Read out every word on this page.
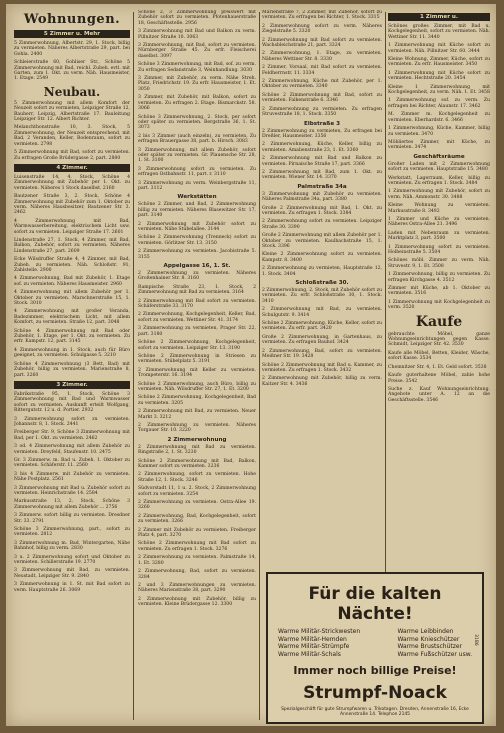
Wohnungen.
5 Zimmer u. Mehr
5 Zimmerwohnung, Albertstr. 29, 1. Stock, billig zu vermieten. Näheres Albertstraße 29, part. bei Gohla. 2400
Schleierstraße 60, Gohliser Str., Schöne 5 Zimmerwohnung mit Bad, reichl. Zubeh. evtl. mit Garten, zum 1. Okt. zu verm. Näh. Hausmeister, 1. Etage. 2549
Neubau.
5 Zimmerwohnung mit allem Komfort der Neuzeit sofort zu vermieten, Leipziger Straße 12, Bauherr, Leipzig, Albertstraße 17. Bauleitung Leipziger Str. 12. Albert Richter.
Melanchthonstraße 10, 3. Stock, 5 Zimmerwohnung, der Neuzeit entsprechend, mit Bad, 2 Veranden, Keller, Bodenraum, sofort zu vermieten. 2798
5 Zimmerwohnung mit Bad, sofort zu vermieten. Zu erfragen Große Brüdergasse 2, part. 2880
4 Zimmer.
Luisenstraße 14, 4. Stock, Schöne 4 Zimmerwohnung mit Zubehör per 1. Okt. zu vermieten. Näheres 1 Stock daselbst. 2160
Bautzener Straße 3, 2. Stock, Schöne 4 Zimmerwohnung mit Zubehör zum 1. Oktober zu verm. Näheres Hausbesitzer, Bautzener Str. 3. 2462
4 Zimmerwohnung mit Bad, Warmwasserbereitung, elektrischem Licht usw. sofort zu vermieten. Leipziger Straße 17. 2601
Lindenstraße 27, 1. Stock, 4 Zimmer, mit Bad, Balkon, Zubehör, sofort zu vermieten. Näheres Lindenstraße 27, part. 2609
Ecke Wilsdruffer Straße 4, 4 Zimmer, mit Bad, Zubeh. zu vermieten. Näh. Schloßstr. 91, Zahlstelle. 2900
4 Zimmerwohnung, Bad mit Zubehör, 1. Etage sof. zu vermieten. Näheres Hausmeister. 2960
4 Zimmerwohnung mit allem Zubehör per 1. Oktober zu vermieten. Marschnerstraße 15, 1. Stock. 3010
4 Zimmerwohnung mit großer Veranda, Badezimmer, elektrischem Licht, mit allem Komfort, zu vermieten. Straße 12, part. 3048
Schöne 4 Zimmerwohnung mit Bad oder Zubehör, 1. Etage, per 1. Okt. zu vermieten. Zu erfr. Kampstr. 12, part. 3145
4 Zimmerwohnung in 1. Stock, auch für Büro geeignet, zu vermieten. Schulgasse 5. 3210
Schöne 4 Zimmerwohnung (3 Bett, Bad) mit Zubehör, billig zu vermieten. Marienstraße 8, part. 3260
3 Zimmer.
Fabrikstraße 95, 1. Stock, Schöne 3 Zimmerwohnung mit Bad und Warmwasser sofort zu vermieten. Auskunft erteilt Wolfgang, Rittergutstr. 12 u. d. Portier. 2932
3 Zimmerwohnung sofort zu vermieten. Johannstr. 8, 1. Stock. 2441
Freiberger Str. 9, Schöne 3 Zimmerwohnung mit Bad, per 1. Okt. zu vermieten. 2462
3 od. 4 Zimmerwohnung mit allem Zubehör zu vermieten. Dreyfeld, Staufenstr. 10. 2475
Gr. 3 Zimmerw. m. Bad u. Zubeh. 1. Oktober zu vermieten. Schäferstr. 11. 2560
3 bis 4 Zimmerw. mit Zubehör zu vermieten. Nähe Postplatz. 2561
3 Zimmerwohnung mit Bad u. Zubehör sofort zu vermieten. Heinrichstraße 14. 2584
Markusstraße 13, 2. Stock, Schöne 3 Zimmerwohnung mit allem Zubehör ... 2756
3 Zimmerw. sofort billig zu vermieten. Dresdner Str. 33. 2791
Schöne 3 Zimmerwohnung, part., sofort zu vermieten. 2812
3 Zimmerwohnung m. Bad, Wintergarten, Nähe Bahnhof, billig zu verm. 2830
3 u. 2 Zimmerwohnung sofort und Oktober zu vermieten. Schillerstraße 19. 2770
3 Zimmerwohnung mit Bad, zu vermieten. Neustadt, Leipziger Str. 9. 2840
3 Zimmerwohnung in 1. St. mit Bad sofort zu verm. Hauptstraße 26. 3069
Schöne 2, 3 Zimmerwohnung preiswert mit Zubehör sofort zu vermieten. Pfotenhauerstraße 18, Geschäftsstelle. 2956
3 Zimmerwohnung mit Bad und Balkon zu verm. Pillnitzer Straße 10. 3063
3 Zimmerwohnung, mit Bad, sofort zu vermieten. Nürnberger Straße 45. Zu erfr. Fleischerei daselbst. 3097
Schöne 3 Zimmerwohnung, mit Bad, sof. zu verm. Zu erfragen Sedanstraße 3, Weinhandlung. 3030
3 Zimmer, mit Zubehör, zu verm. Nähe Streh. Platz, Friedrichstr. 19. Zu erfr. Hausmeister, 1. Et. 3050
3 Zimmer, mit Zubehör, mit Balkon, sofort zu vermieten. Zu erfragen 2. Etage. Bismarckstr. 58. 3066
Schöne 3 Zimmerwohnung, 2. Stock, per sofort oder später zu vermieten. Bergstraße 36, 1. St. 3073
2 bis 3 Zimmer (auch einzeln), zu vermieten, Zu erfragen Brauergasse 38, part. b. Hirsch. 3083
3 Zimmerwohnung, mit allem Zubehör, sofort oder später zu vermieten. Gr. Plauensche Str. 28, 1. St. 3100
3 Zimmerwohnung sofort zu vermieten. Zu erfragen Ostbahnstr. 11, part. r. 3110
3 Zimmerwohnung zu verm. Weinbergstraße 11, part. 3112
Werkstätten
Schöne 2 Zimmer, und Bad, 2 Zimmerwohnung billig zu vermieten. Näheres Blasewitzer Str. 17, part. 3140
2 Zimmerwohnung mit Zubehör sofort zu vermieten. Nähe Stübelallee. 3144
Schöne 2 Zimmerwohnung (Trenneck) sofort zu vermieten. Görlitzer Str. 13. 3150
2 Zimmerwohnung zu vermieten. Jacobistraße 5. 3155
Appelgasse 16, 1. St.
2 Zimmerwohnung zu vermieten. Näheres Großenhainer Str. 8. 3160
Rampische Straße 23, 1. Stock, 2 Zimmerwohnung mit Bad zu vermieten. 3164
2 Zimmerwohnung mit Bad sofort zu vermieten. Schäferstraße 33. 3170
2 Zimmerwohnung, Kochgelegenheit, Keller, Bad, sofort zu vermieten. Wettiner Str. 41. 3174
3 Zimmerwohnung zu vermieten, Prager Str. 22, part. 3180
Schöne 2 Zimmerwohnung, Kochgelegenheit, sofort zu vermieten. Leipziger Str. 13. 3190
Schöne 2 Zimmerwohnung in Striesen zu vermieten. Stübelplatz 5. 3191
2 Zimmerwohnung mit Keller zu vermieten. Trompeterstr. 16. 3194
Schöne 2 Zimmerwohnung, auch Büro, billig zu vermieten. Näh. Wilsdruffer Str. 27, 1. Et. 3200
Schöne 2 Zimmerwohnung, Kochgelegenheit, Bad zu vermieten. 3205
2 Zimmerwohnung mit Bad, zu vermieten. Neuer Markt 3. 3212
2 Zimmerwohnung zu vermieten. Näheres Torgauer Str. 10. 3220
2 Zimmerwohnung
2 Zimmerwohnung mit Bad zu vermieten. Ringstraße 2, 1. St. 3230
Schöne 2 Zimmerwohnung mit Bad, Balkon, Kammer sofort zu vermieten. 3236
2 Zimmerwohnung, sofort zu vermieten. Hohe Straße 12, 1. Stock. 3246
Südvorstadt 11, 1 u. 2. Stock, 2 Zimmerwohnung sofort zu vermieten. 3254
2 Zimmerwohnung zu vermieten. Ostra-Allee 19. 3260
2 Zimmerwohnung, Bad, Kochgelegenheit, sofort zu vermieten. 3266
2 Zimmer mit Zubehör zu vermieten. Freiberger Platz 4, part. 3270
Schöne 2 Zimmerwohnung mit Bad sofort zu vermieten. Zu erfragen 1. Stock. 3276
2 Zimmerwohnung zu vermieten. Palmstraße 14, 1. Et. 3280
2 Zimmerwohnung, Bad, sofort zu vermieten. 3284
2 und 3 Zimmerwohnungen zu vermieten. Näheres Marienstraße 38, part. 3290
2 Zimmerwohnung mit Zubehör, billig zu vermieten. Kleine Brüdergasse 12. 3300
Marienstraße 7, 2 Zimmer, mit Zubehör, sofort zu vermieten. Zu erfragen bei Richter, 1. Stock. 3315
2 Zimmerwohnung sofort zu verm. Näheres Ziegelstraße 5. 3320
2 Zimmerwohnung mit Bad sofort zu vermieten. Wachsbleichstraße 21, part. 3324
2 Zimmerwohnung, 1. Etage, zu vermieten. Näheres Wettiner Str. 8. 3330
2 Zimmer, Vorsaal, mit Bad sofort zu vermieten. Feldherrnstr. 11. 3334
2 Zimmerwohnung, Küche mit Zubehör, per 1. Oktober zu vermieten. 3340
Schöne 2 Zimmerwohnung mit Bad, sofort zu vermieten. Falkenstraße 6. 3346
2 Zimmerwohnung zu vermieten. Zu erfragen Struvestraße 18, 1. Stock. 3350
Elbstraße 3
2 Zimmerwohnung zu vermieten, Zu erfragen bei Dreßler, Hausmeister. 3356
2 Zimmerwohnung, Küche, Keller, billig zu vermieten. Amalienstraße 23, 1. Et. 3360
2 Zimmerwohnung mit Bad und Balkon zu vermieten. Pirnaische Straße 17, part. 3366
2 Zimmerwohnung mit Bad, zum 1. Okt. zu vermieten. Wiener Str. 14. 3370
Palmstraße 34a
3 Zimmerwohnung mit Zubehör zu vermieten. Näheres Palmstraße 34a, part. 3380
Große 2 Zimmerwohnung mit Bad, 1. Okt. zu vermieten. Zu erfragen 1. Stock. 3384
2 Zimmerwohnung sofort zu vermieten. Leipziger Straße 30. 3390
Große 2 Zimmerwohnung mit allem Zubehör per 1. Oktober zu vermieten. Kaulbachstraße 15, 1. Stock. 3396
Kleine 2 Zimmerwohnung sofort zu vermieten. Kampstr. 8. 3400
2 Zimmerwohnung zu vermieten, Hauptstraße 12, 1. Stock. 3404
Schloßstraße 30.
2 Zimmerwohnung, 2. Stock, mit Zubehör sofort zu vermieten. Zu erfr. Schloßstraße 30, 1. Stock. 3410
2 Zimmerwohnung mit Bad, zu vermieten. Schulgutstr. 9. 3414
Schöne 2 Zimmerwohnung, Küche, Keller, sofort zu vermieten. Zu erfr. part. 3420
Große 2 Zimmerwohnung, in Gartenhaus, zu vermieten. Zu erfragen Bauhof. 3424
2 Zimmerwohnung, Bad, sofort zu vermieten. Meißner Str. 19. 3428
Schöne 2 Zimmerwohnung mit Bad u. Kammer, zu vermieten. Zu erfragen 1. Stock. 3432
2 Zimmerwohnung mit Zubehör, billig zu verm. Kaitzer Str. 4. 3436
1 Zimmer u.
Schönes großes Zimmer, mit Bad u. Kochgelegenheit, sofort zu vermieten. Näh. Wettiner Str. 11. 3440
1 Zimmerwohnung mit Küche sofort zu vermieten. Näh. Pillnitzer Str. 60. 3444
Kleine Wohnung, Zimmer, Küche, sofort zu vermieten. Zu erfr. Hausmeister. 3450
1 Zimmerwohnung mit Küche sofort zu vermieten. Hechtstraße 20. 3454
Kleine 1 Zimmerwohnung mit Kochgelegenheit, zu verm. Näh. 1. Et. 3458
1 Zimmerwohnung sof. zu verm. Zu erfragen bei Richter, Alaunstr. 17. 3462
M. Zimmer m. Kochgelegenheit zu vermieten. Eberhardstr. 6. 3466
1 Zimmerwohnung, Küche, Kammer, billig zu vermieten. 3470
Möbliertes Zimmer, mit Küche, zu vermieten. 3474
Geschäftsräume
Großer Laden mit 2 Zimmerwohnung sofort zu vermieten. Hauptstraße 15. 3480
Werkstatt, Lagerraum, Keller, billig zu vermieten. Zu erfragen 1. Stock. 3484
1 Zimmerwohnung mit Zubehör, sofort zu verm. Näh. Ammonstr. 30. 3488
Kleine Wohnung zu vermieten. Markusstraße 8. 3492
1 Zimmer und Küche zu vermieten. Näheres Ostra-Allee 21. 3496
Laden mit Nebenraum zu vermieten. Marktplatz 3, part. 3500
1 Zimmerwohnung sofort zu vermieten. Holbeinstraße 5. 3504
Schönes möbl. Zimmer zu verm. Näh. Struvestr. 9, 1. Et. 3508
1 Zimmerwohnung, billig zu vermieten. Zu erfragen Kirchgasse 4. 3512
Zimmer mit Küche, ab 1. Oktober zu vermieten. 3516
1 Zimmerwohnung mit Kochgelegenheit zu verm. 3520
Kaufe
gebrauchte Möbel, ganze Wohnungseinrichtungen gegen Kasse. Schmidt, Leipziger Str. 42. 3530
Kaufe alle Möbel, Betten, Kleider, Wäsche, sofort Kasse. 3534
Chemnitzer Str. 4, 1. Et. Geld sofort. 3538
Kaufe guterhaltene Möbel, zahle hohe Preise. 3542
Suche z. Kauf Wohnungseinrichtung. Angebote unter A. 12 an die Geschäftsstelle. 3546
Für die kalten Nächte!
Warme Militär-Strickwesten
Warme Militär-Hemden
Warme Militär-Strümpfe
Warme Militär-Schals
Warme Leibbinden
Warme Knieschützer
Warme Brustschützer
Warme Fußschützer usw.
Immer noch billige Preise!
Strumpf-Noack
Spezialgeschäft für gute Strumpfwaren u. Trikotagen. Dresden, Annenstraße 16, Ecke Annenstraße 14. Telephon 2145
3186
